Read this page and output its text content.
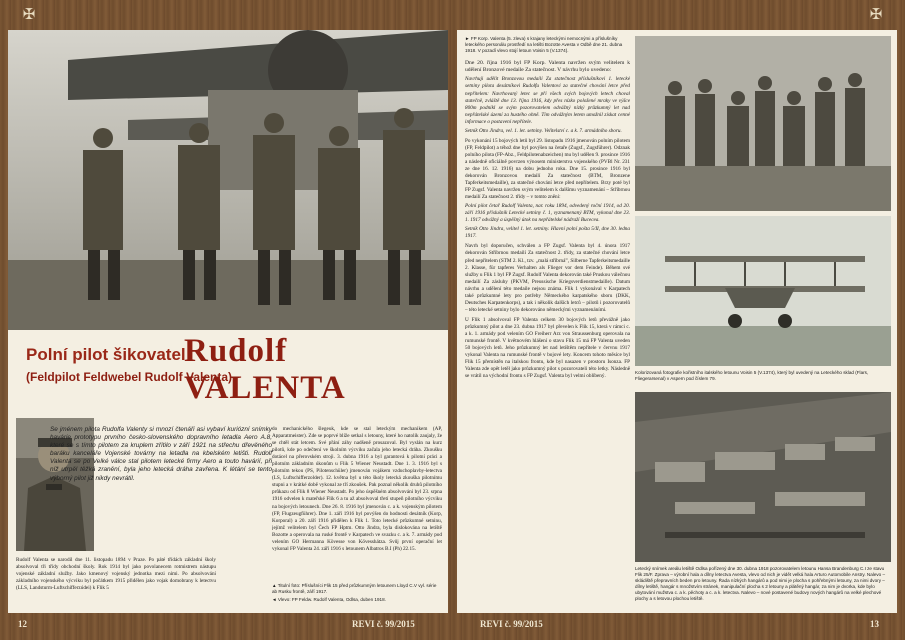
✠	✠
Polní pilot šikovatel
Rudolf VALENTA
(Feldpilot Feldwebel Rudolf Valenta)
Se jménem pilota Rudolfa Valenty si mnozí čtenáři asi vybaví kuriózní snímky havárie prototypu prvního česko-slovenského dopravního letadla Aero A.8, které se s tímto pilotem za kruplem zřítilo v září 1921 na střechu dřevěného baráku kanceláře Vojenské továrny na letadla na kbelském letišti. Rudolf Valenta se po Velké válce stal pilotem letecké firmy Aero a touto havárií, při níž utrpěl těžká zranění, byla jeho letecká dráha zavřena. K létání se tento výborný pilot již nikdy nevrátil.

Rudolf Valenta se narodil dne 11. listopadu 1894 v Praze. Po páté třídách základní školy absolvoval tři třídy obchodní školy. Rok 1914 byl jako povolanecem rotmistrem nástupu vojenské základní služby. Jako kmenový vojenský jednotka mezi nimi. Po absolvování základního vojenského výcviku byl počátkem 1915 přidělen jako vojak domobrany k letectvu (LLS, Landsturm-Luftschifferzúdei) k Flik 5

do mechanického šlegeuk, kde se stal leteckým mechanikem (AP, Apparatmeister). Zde se poprvé blíže setkal s letouny, které ho natolik zaujaly, že se chtěl stát letcem. Své přání záhy nadšeně prosazoval. Byl vyslán na kurz pilotů, kde po odečtení ve školním výcviku začala jeho letecká dráha. Zkoušku dotácel na přerovském stroji. 3. dubna 1916 a byl garantová k pilotní práci a pilotním základním úkonům u Flik 5 Wiener Neustadt. Dne 1. 3. 1916 byl s pilotním tekou (PS, Pilotenschüler) jmenován vojákem vzduchoplavby-letectva (LS, Luftschifferzolder). 12. května byl u této školy letecká zkouška pilotnímu stupni a v krátké době vykonal ze tří zkoušek. Pak poznal několik druhů pilotního průkazu od Flik 8 Wiener Neustadt. Po jeho úspěšném absolvování byl 23. srpna 1916 odvelen k mateřské Flik 6 a tu až absolvoval třetí stupeň pilotního výcviku na bojových letounech. Dne 26. 8. 1916 byl jmenován c. a k. vojenským pilotem (FP, Flugzeugführer). Dne 1. září 1916 byl povýšen do hodnosti desátník (Korp, Korporal) a 20. září 1916 přidělen k Flik 1. Toto letecké průzkumné setninu, jejímž velitelem byl Čech FP Hptm. Otto Jindra, byla dislokována na letiště Bozotte a operovala na ruské frontě v Karpatech ve svazku c. a k. 7. armády pod velením GO Hermanna Kövesse von Kövesshátza. Svůj první operační let vykonal FP Valenta 24. září 1916 s letounem Albatros B.I (Ph) 22.15.

▲ Titulní foto: Příslušníci Flik 15 před průzkumným letounem Lloyd C.V vyl. série ab Rusku frontě, září 1917.
◄ Vlevo: FP Feldw. Rudolf Valenta, Odlsa, duben 1918.
► FP Korp. Valenta (5. zleva) s krajany leteckými nemocnými a příslušníky leteckého personálu prostředí na letišti Bozotte Avesta v Odbě dne 21. dubna 1918. V pozadí vlevo stojí letoun Voisin 5 (V.1374).

Dne 20. října 1916 byl FP Korp. Valenta navržen svým velitelem k udělení Bronzové medaile Za statečnost. V návrhu bylo uvedeno:

Navrhuji udělit Bronzovou medaili Za statečnost příslušníkovi 1. letecké setniny pilota desátníkovi Rudolfu Valentovi za statečné chování letce před nepřítelem: Navrhovaný letec se při všech svých bojových letech choval statečně, zvláště dne 13. října 1916, kdy přes nízko položené mraky ve výšce 800m podnikl se svým pozorovatelem odvážný nízký průzkumný let nad nepřátelské území za hustého ohně. Tím odvážným letem umožnil získat cenné informace o postavení nepřítele.

Setník Otto Jindra, vel. 1. let. setniny. Velitelství c. a k. 7. armádního sboru.

Po vykonání 15 bojových letů byl 29. listopadu 1916 jmenován polním pilotem (FP, Feldpilot) a téhož dne byl povýšen na četaře (Zugsf., Zugsführer). Odznak polního pilota (FP-Abz., Feldpilotenabzeichen) mu byl udělen 9. prosince 1916 a následně oficiálně povrzen výnosem ministerstva vojenského (PVBl Nr. 231 ze dne 16. 12. 1916) na dobu jednoho roku. Dne 15. prosince 1916 byl dekorován Bronzovou medailí Za statečnost (BTM, Bronzene Tapferkeitsmedaille), za statečné chování letce před nepřítelem. Brzy poté byl FP Zugsf. Valenta navržen svým velitelem k dalšímu vyznamenání – Stříbrnou medailí Za statečnost 2. třídy – v tomto znění:

Polní pilot četař Rudolf Valenta, nar. roku 1894, odvedený roční 1914, od 20. září 1916 příslušník Letecké setniny č. 1, vyznamenaný BTM, vykonal dne 23. 1. 1917 odvážný a úspěšný útok na nepřátelské nádraží Bucecea.

Setník Otto Jindra, velitel 1. let. setniny. Hlavní polní pošta 5/II, dne 30. ledna 1917.

Navrh byl doporučen, schválen a FP Zugsf. Valenta byl 4. února 1917 dekorován Stříbrnou medailí Za statečnost 2. třídy, za statečné chování letce před nepřítelem (STM 2. Kl., tzv. „malá stříbrná”, Silberne Tapferkeitsmedaille 2. Klasse, für tapferes Verhalten als Flieger vor dem Feinde). Během své služby u Flik 1 byl FP Zugsf. Rudolf Valenta dekorován také Pruskou válečnou medailí Za zásluhy (PKVM, Preussische Kriegsverdienstmedaille). Datum návrhu a udělení této medaile nejsou známa. Flik 1 vykonával v Karpatech také průzkumné lety pro potřeby Německého karpatského sboru (DKK, Deutsches Karpatenkorps), a tak i několik dalších letců – pilotů i pozorovatelů – této letecké setniny bylo dekorováno německými vyznamenáními.

U Flik 1 absolvoval FP Valenta celkem 30 bojových letů převážně jako průzkumný pilot a dne 23. dubna 1917 byl převelen k Flik 15, která v rámci c. a k. 1. armády pod velením GO Freiherr Arz von Straussenburg operovala na rumunské frontě. V květnovém hlášení o stavu Flik 15 má FP Valenta uveden 50 bojových letů. Jeho průzkumný let nad letištěm nepřítele v červnu 1917 vykonal Valenta na rumunské frontě v bojové lety. Koncem tohoto měsíce byl Flik 15 přemístěn na italskou frontu, kde byl nasazen v prostoru Isonza. FP Valenta zde opět letěl jako průzkumný pilot s pozorovateli této letky. Následně se vrátil na východní frontu s FP Zugsf. Valenta byl velmi oblíbený.

Kolorizovaná fotografie kořistního italského letounu Voisin 5 (V.1374), který byl uvedený na Leteckého sklad (Flars, Fliegerarsenal) v Aspern pod číslem 79.
Letecký snímek areálu letiště Odlsa pořízený dne 30. dubna 1918 pozorovatelem letounu Hansa Brandenburg C.I ze stavu Flik 25/F. Zprava – výrobní hala a dílny letectva Avesta, vlevo od nich je vidět velká hala Arturo Automobile Anstry. Nalevo – skládiště přepravních beden pro letouny. Řada nízkých hangárů a pod nimi je plocha s pohřebnými letouny, za nimi dvory – dílny letiště, hangár s množstvím stránek, manipulační plocha s 2 letouny a plátěný hangár, za nim je dvorka, kde bylo ubytování mužstva c. a k. pěchoty a c. a k. letectva. Nalevo – nové postavené budovy nových hangárů na velké plechové plochy a s letovou plochou letiště.
12	REVI č. 99/2015	REVI č. 99/2015	13
